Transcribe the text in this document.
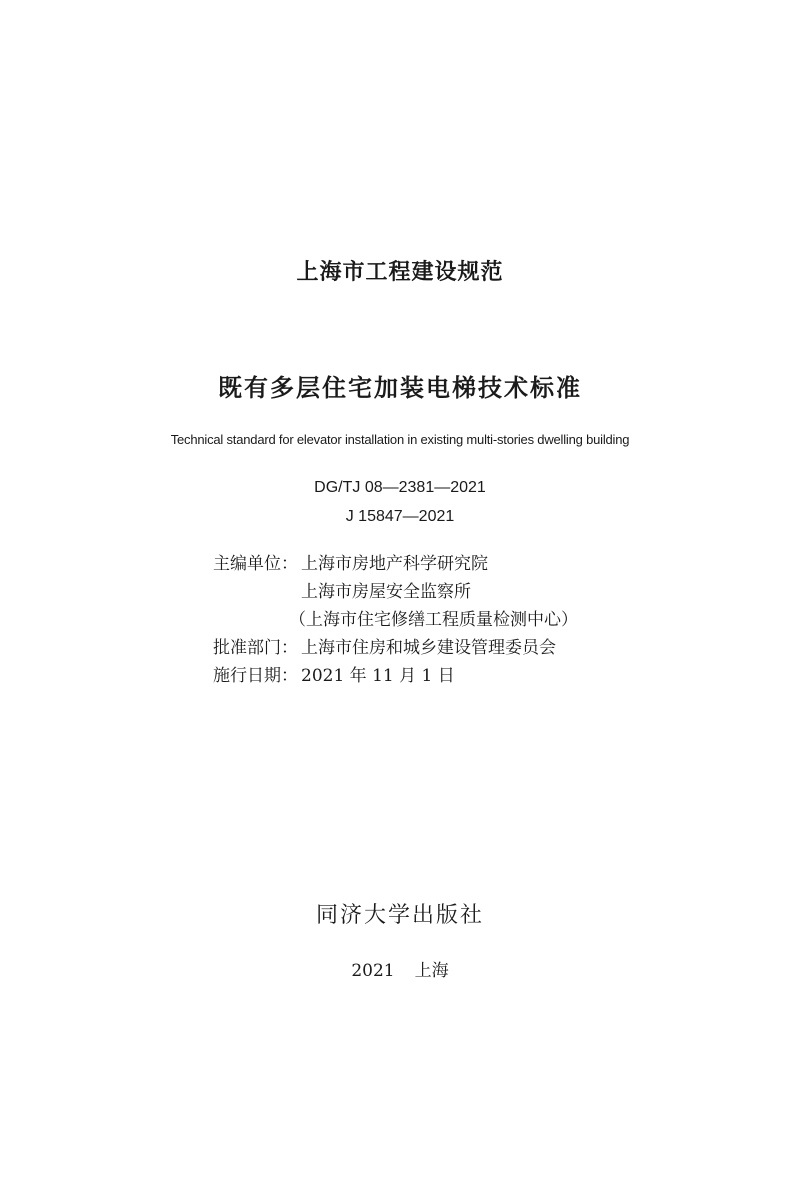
上海市工程建设规范
既有多层住宅加装电梯技术标准
Technical standard for elevator installation in existing multi-stories dwelling building
DG/TJ 08—2381—2021
J 15847—2021
主编单位： 上海市房地产科学研究院
上海市房屋安全监察所
（上海市住宅修缮工程质量检测中心）
批准部门： 上海市住房和城乡建设管理委员会
施行日期： 2021 年 11 月 1 日
同济大学出版社
2021 上海
